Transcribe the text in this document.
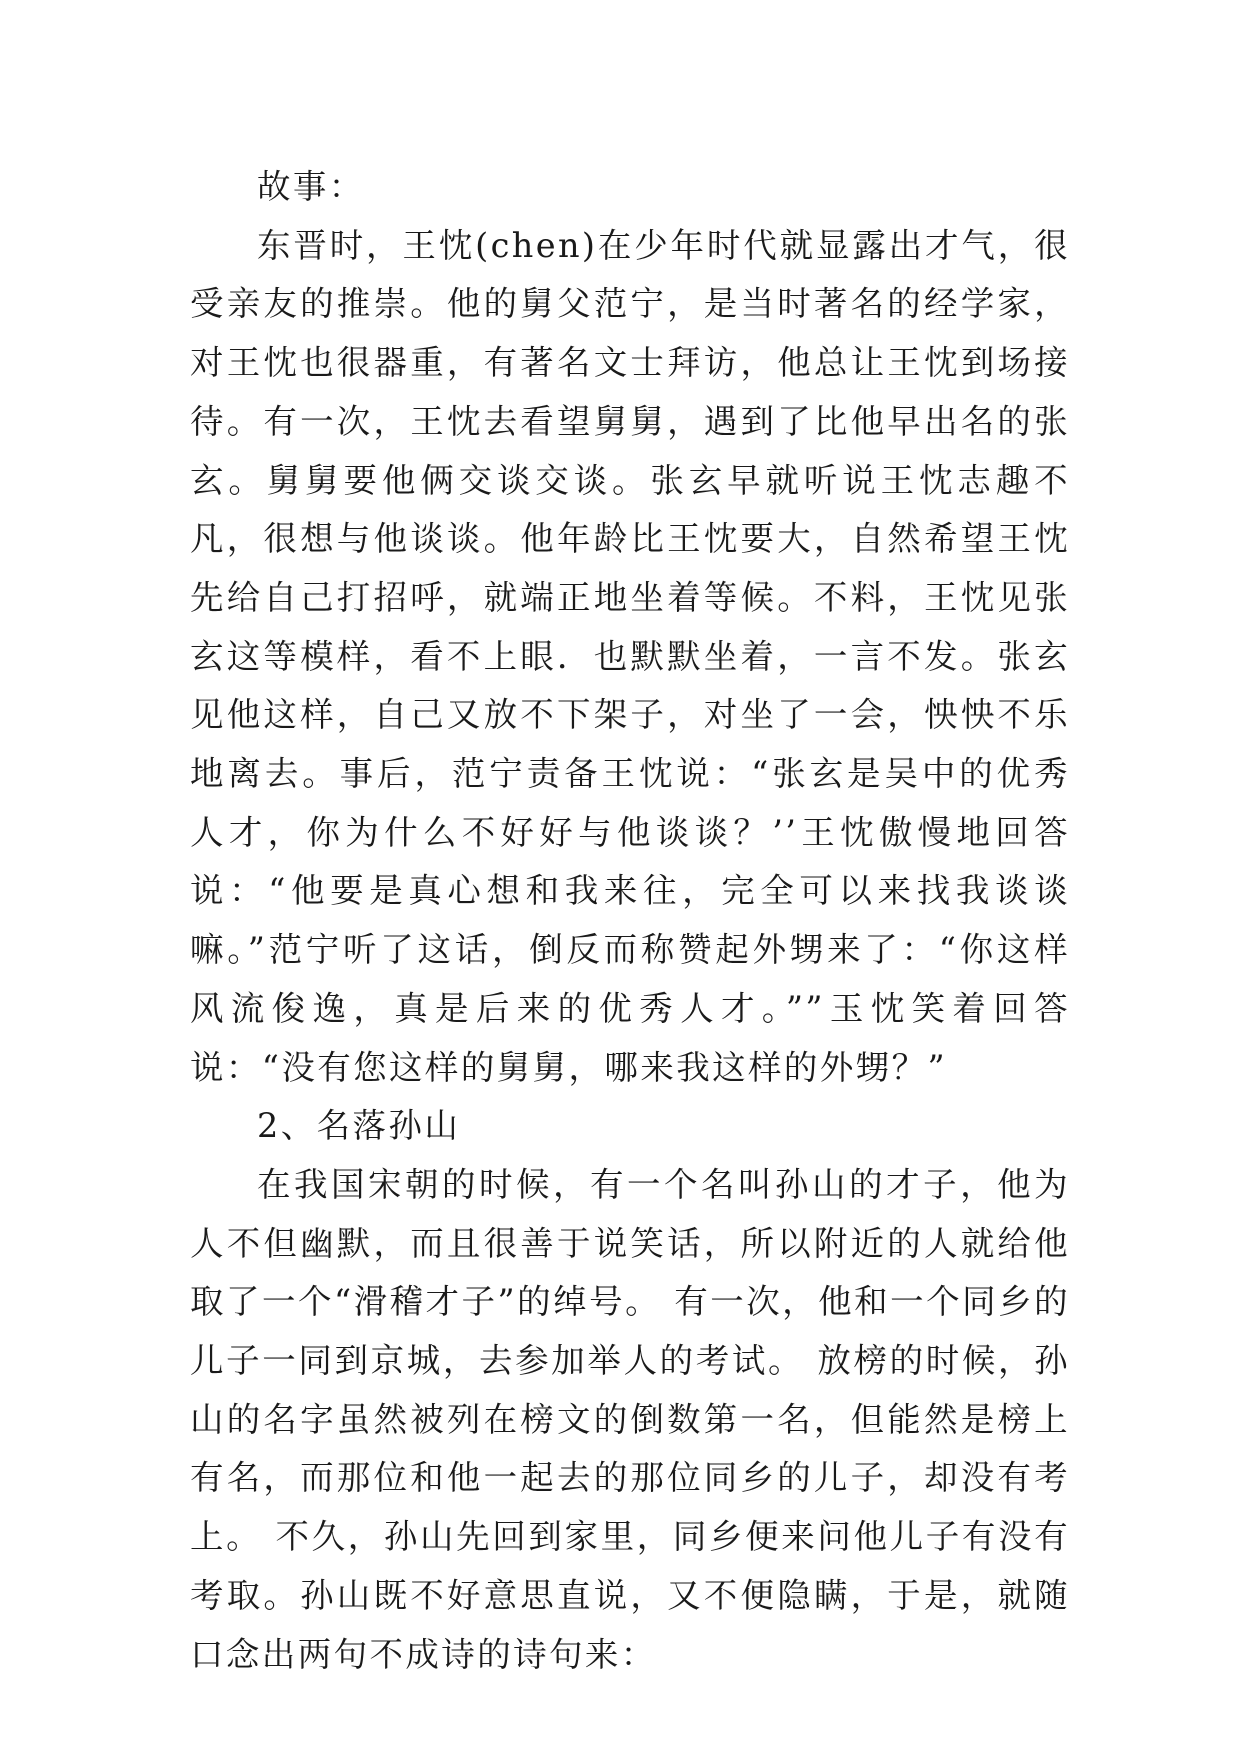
故事：

东晋时，王忱(chen)在少年时代就显露出才气，很受亲友的推崇。他的舅父范宁，是当时著名的经学家，对王忱也很器重，有著名文士拜访，他总让王忱到场接待。有一次，王忱去看望舅舅，遇到了比他早出名的张玄。舅舅要他俩交谈交谈。张玄早就听说王忱志趣不凡，很想与他谈谈。他年龄比王忱要大，自然希望王忱先给自己打招呼，就端正地坐着等候。不料，王忱见张玄这等模样，看不上眼．也默默坐着，一言不发。张玄见他这样，自己又放不下架子，对坐了一会，怏怏不乐地离去。事后，范宁责备王忱说：“张玄是吴中的优秀人才，你为什么不好好与他谈谈？’’王忱傲慢地回答说：“他要是真心想和我来往，完全可以来找我谈谈嘛。”范宁听了这话，倒反而称赞起外甥来了：“你这样风流俊逸，真是后来的优秀人才。””玉忱笑着回答说：“没有您这样的舅舅，哪来我这样的外甥？”

2、名落孙山

在我国宋朝的时候，有一个名叫孙山的才子，他为人不但幽默，而且很善于说笑话，所以附近的人就给他取了一个“滑稽才子”的绰号。 有一次，他和一个同乡的儿子一同到京城，去参加举人的考试。 放榜的时候，孙山的名字虽然被列在榜文的倒数第一名，但能然是榜上有名，而那位和他一起去的那位同乡的儿子，却没有考上。 不久，孙山先回到家里，同乡便来问他儿子有没有考取。孙山既不好意思直说，又不便隐瞒，于是，就随口念出两句不成诗的诗句来：
